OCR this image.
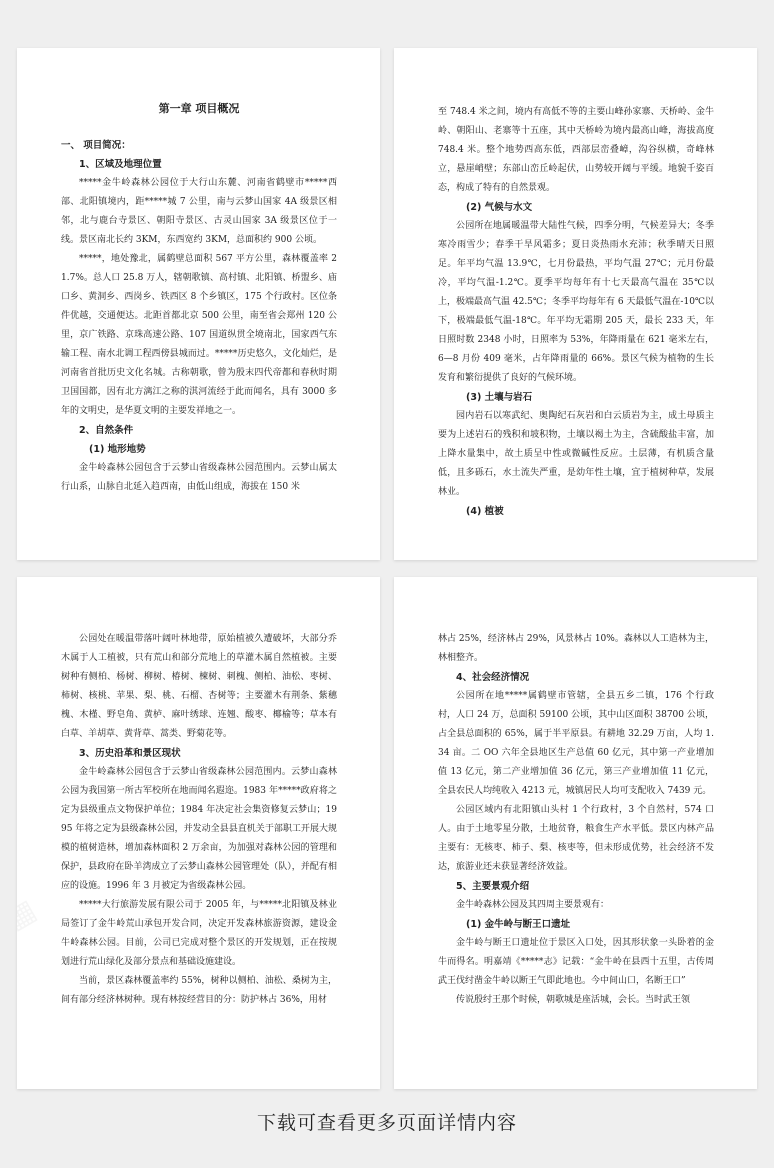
第一章 项目概况

一、 项目简况：

1、区域及地理位置

*****金牛岭森林公园位于大行山东麓、河南省鹤壁市*****西部、北阳镇境内，距*****城 7 公里，南与云梦山国家 4A 级景区相邻，北与鹿台寺景区、朝阳寺景区、古灵山国家 3A 级景区位于一线。景区南北长约 3KM，东西宽约 3KM，总面积约 900 公顷。

*****，地处豫北，属鹤壁总面积 567 平方公里，森林覆盖率 21.7%。总人口 25.8 万人，辖朝歌镇、高村镇、北阳镇、桥盟乡、庙口乡、黄洞乡、西岗乡、铁西区 8 个乡镇区，175 个行政村。区位条件优越，交通便达。北距首都北京 500 公里，南至省会郑州 120 公里，京广铁路、京珠高速公路、107 国道纵贯全境南北，国家西气东输工程、南水北调工程西傍县城而过。*****历史悠久，文化灿烂，是河南省首批历史文化名城。古称朝歌，曾为殷末四代帝都和春秋时期卫国国都，因有北方漓江之称的淇河流经于此而闻名，具有 3000 多年的文明史，是华夏文明的主要发祥地之一。

2、自然条件

(1) 地形地势

金牛岭森林公园包含于云梦山省级森林公园范围内。云梦山属太行山系，山脉自北延入趋西南，由低山组成，海拔在 150 米

至 748.4 米之间，境内有高低不等的主要山峰孙家寨、天桥岭、金牛岭、朝阳山、老寨等十五座，其中天桥岭为境内最高山峰，海拔高度 748.4 米。整个地势西高东低，西部层峦叠嶂，沟谷纵横，奇峰林立，悬崖峭壁；东部山峦丘岭起伏，山势较开阔与平缓。地貌千姿百态，构成了特有的自然景观。

(2) 气候与水文

公园所在地属暖温带大陆性气候，四季分明，气候差异大；冬季寒冷雨雪少；春季干旱风霜多；夏日炎热雨水充沛；秋季晴天日照足。年平均气温 13.9℃，七月份最热，平均气温 27℃；元月份最冷，平均气温-1.2℃。夏季平均每年有十七天最高气温在 35℃以上，极端最高气温 42.5℃；冬季平均每年有 6 天最低气温在-10℃以下，极端最低气温-18℃。年平均无霜期 205 天，最长 233 天，年日照时数 2348 小时，日照率为 53%，年降雨量在 621 毫米左右，6—8 月份 409 毫米，占年降雨量的 66%。景区气候为植物的生长发育和繁衍提供了良好的气候环境。

(3) 土壤与岩石

园内岩石以寒武纪、奥陶纪石灰岩和白云质岩为主，成土母质主要为上述岩石的残积和坡积物，土壤以褐土为主，含硫酸盐丰富，加上降水量集中，故土质呈中性或微碱性反应。土层薄，有机质含量低，且多砾石，水土流失严重，是幼年性土壤，宜于植树种草，发展林业。

(4) 植被

公园处在暖温带落叶阔叶林地带，原始植被久遭破坏，大部分乔木属于人工植被，只有荒山和部分荒地上的草灌木属自然植被。主要树种有侧柏、杨树、柳树、椿树、楝树、刺槐、侧柏、油松、枣树、柿树、核桃、苹果、梨、桃、石榴、杏树等；主要灌木有荆条、紫穗槐、木槿、野皂角、黄栌、麻叶绣球、连翘、酸枣、椰榆等；草本有白草、羊胡草、黄背草、蒿类、野菊花等。

3、历史沿革和景区现状

金牛岭森林公园包含于云梦山省级森林公园范围内。云梦山森林公园为我国第一所古军校所在地而闻名遐迩。1983 年*****政府将之定为县级重点文物保护单位；1984 年决定社会集资修复云梦山；1995 年将之定为县级森林公园，并发动全县县直机关于部职工开展大规模的植树造林，增加森林面积 2 万余亩，为加强对森林公园的管理和保护，县政府在卧羊湾成立了云梦山森林公园管理处（队），并配有相应的设施。1996 年 3 月被定为省级森林公园。

*****大行旅游发展有限公司于 2005 年，与*****北阳镇及林业局签订了金牛岭荒山承包开发合同，决定开发森林旅游资源，建设金牛岭森林公园。目前，公司已完成对整个景区的开发规划，正在按规划进行荒山绿化及部分景点和基础设施建设。

当前，景区森林覆盖率约 55%，树种以侧柏、油松、桑树为主，间有部分经济林树种。现有林按经营目的分：防护林占 36%，用材

林占 25%，经济林占 29%，风景林占 10%。森林以人工造林为主，林相整齐。

4、社会经济情况

公园所在地*****属鹤壁市管辖，全县五乡二镇，176 个行政村，人口 24 万，总面积 59100 公顷，其中山区面积 38700 公顷，占全县总面积的 65%，属于半平原县。有耕地 32.29 万亩，人均 1.34 亩。二 OO 六年全县地区生产总值 60 亿元，其中第一产业增加值 13 亿元，第二产业增加值 36 亿元，第三产业增加值 11 亿元，全县农民人均纯收入 4213 元，城镇居民人均可支配收入 7439 元。

公园区域内有北阳镇山头村 1 个行政村，3 个自然村，574 口人。由于土地零星分散，土地贫脊，粮食生产水平低。景区内林产品主要有：无核枣、柿子、梨、核枣等，但未形成优势，社会经济不发达，旅游业还未获显著经济效益。

5、主要景观介绍

金牛岭森林公园及其四周主要景观有：

(1) 金牛岭与断王口遗址

金牛岭与断王口遗址位于景区入口处，因其形状象一头卧着的金牛而得名。明嘉靖《*****志》记载：“金牛岭在县西十五里，古传周武王伐纣凿金牛岭以断王气即此地也。今中间山口，名断王口”

传说殷纣王那个时候，朝歌城是座活城，会长。当时武王领

下载可查看更多页面详情内容
